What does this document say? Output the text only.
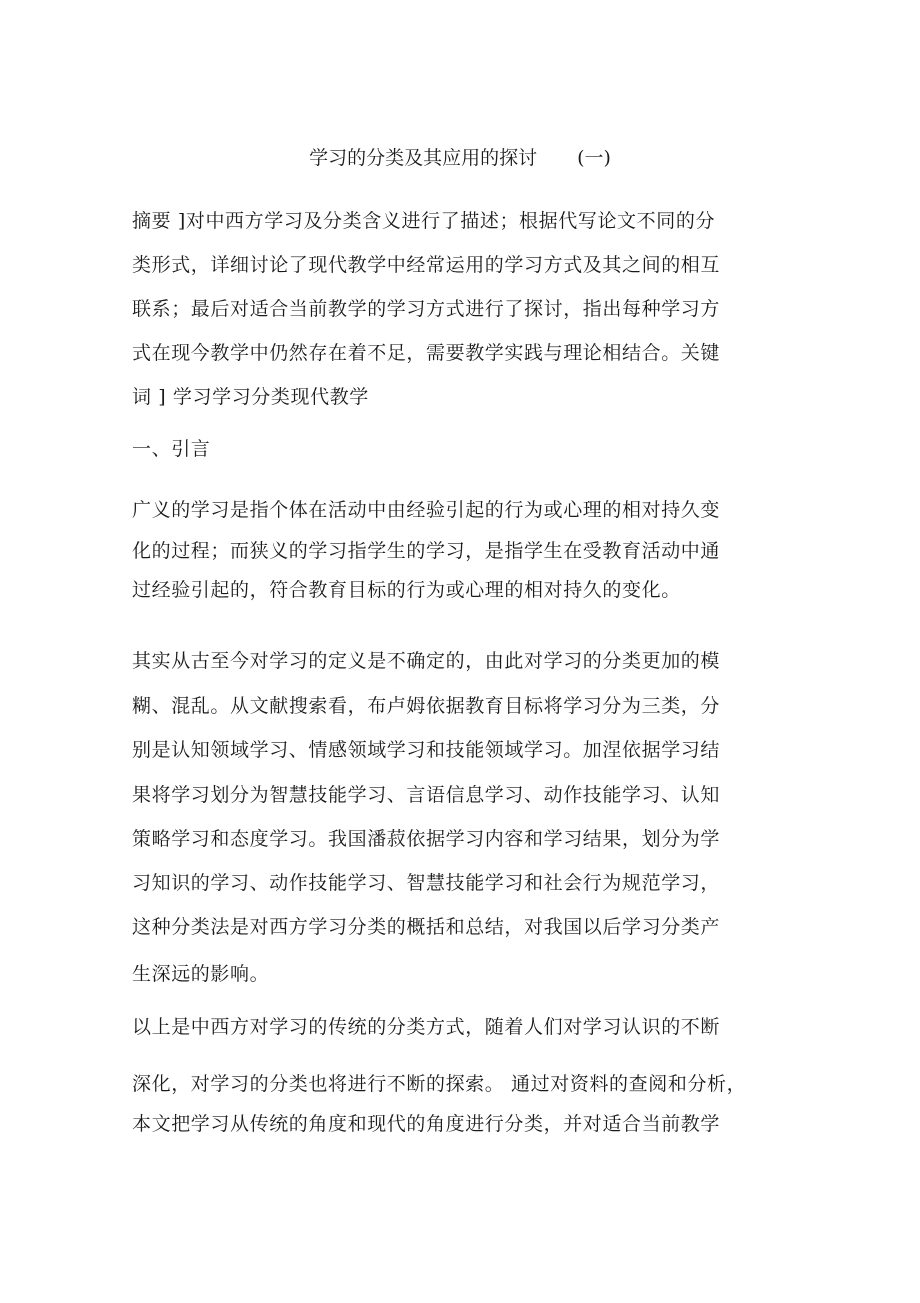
学习的分类及其应用的探讨 (一)
摘要 ]对中西方学习及分类含义进行了描述；根据代写论文不同的分
类形式，详细讨论了现代教学中经常运用的学习方式及其之间的相互
联系；最后对适合当前教学的学习方式进行了探讨，指出每种学习方
式在现今教学中仍然存在着不足，需要教学实践与理论相结合。关键
词 ] 学习学习分类现代教学
一、引言
广义的学习是指个体在活动中由经验引起的行为或心理的相对持久变
化的过程；而狭义的学习指学生的学习，是指学生在受教育活动中通
过经验引起的，符合教育目标的行为或心理的相对持久的变化。
其实从古至今对学习的定义是不确定的，由此对学习的分类更加的模
糊、混乱。从文献搜索看，布卢姆依据教育目标将学习分为三类，分
别是认知领域学习、情感领域学习和技能领域学习。加涅依据学习结
果将学习划分为智慧技能学习、言语信息学习、动作技能学习、认知
策略学习和态度学习。我国潘菽依据学习内容和学习结果，划分为学
习知识的学习、动作技能学习、智慧技能学习和社会行为规范学习，
这种分类法是对西方学习分类的概括和总结，对我国以后学习分类产
生深远的影响。
以上是中西方对学习的传统的分类方式，随着人们对学习认识的不断
深化，对学习的分类也将进行不断的探索。 通过对资料的查阅和分析，
本文把学习从传统的角度和现代的角度进行分类，并对适合当前教学
